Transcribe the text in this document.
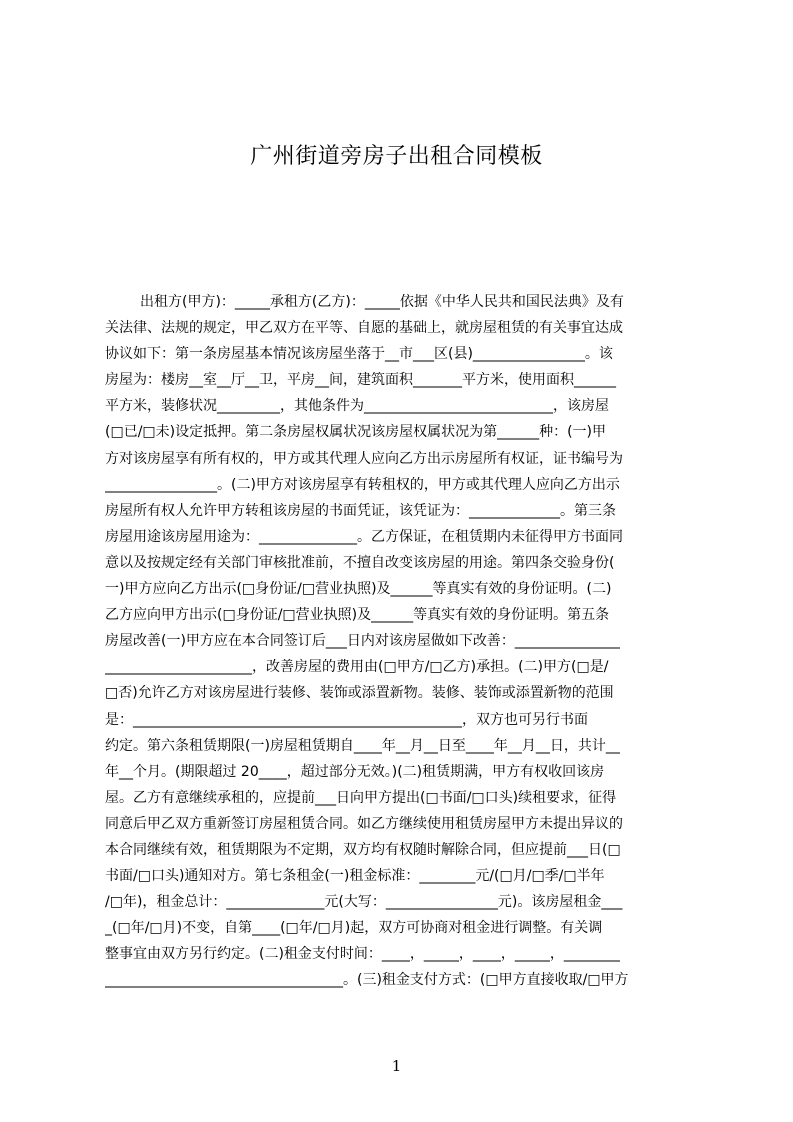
广州街道旁房子出租合同模板
出租方(甲方)：_____承租方(乙方)：_____依据《中华人民共和国民法典》及有
关法律、法规的规定，甲乙双方在平等、自愿的基础上，就房屋租赁的有关事宜达成
协议如下：第一条房屋基本情况该房屋坐落于__市___区(县)________________。该
房屋为：楼房__室__厅__卫，平房__间，建筑面积_______平方米，使用面积______
平方米，装修状况_________，其他条件为___________________________，该房屋
(□已/□未)设定抵押。第二条房屋权属状况该房屋权属状况为第______种：(一)甲
方对该房屋享有所有权的，甲方或其代理人应向乙方出示房屋所有权证，证书编号为
________________。(二)甲方对该房屋享有转租权的，甲方或其代理人应向乙方出示
房屋所有权人允许甲方转租该房屋的书面凭证，该凭证为：_____________。第三条
房屋用途该房屋用途为：______________。乙方保证，在租赁期内未征得甲方书面同
意以及按规定经有关部门审核批准前，不擅自改变该房屋的用途。第四条交验身份(
一)甲方应向乙方出示(□身份证/□营业执照)及______等真实有效的身份证明。(二)
乙方应向甲方出示(□身份证/□营业执照)及______等真实有效的身份证明。第五条
房屋改善(一)甲方应在本合同签订后___日内对该房屋做如下改善：_______________
_____________________，改善房屋的费用由(□甲方/□乙方)承担。(二)甲方(□是/
□否)允许乙方对该房屋进行装修、装饰或添置新物。装修、装饰或添置新物的范围
是：_______________________________________________，双方也可另行书面
约定。第六条租赁期限(一)房屋租赁期自____年__月__日至____年__月__日，共计__
年__个月。(期限超过 20____，超过部分无效。)(二)租赁期满，甲方有权收回该房
屋。乙方有意继续承租的，应提前___日向甲方提出(□书面/□口头)续租要求，征得
同意后甲乙双方重新签订房屋租赁合同。如乙方继续使用租赁房屋甲方未提出异议的
本合同继续有效，租赁期限为不定期，双方均有权随时解除合同，但应提前___日(□
书面/□口头)通知对方。第七条租金(一)租金标准：________元/(□月/□季/□半年
/□年)，租金总计：______________元(大写：________________元)。该房屋租金___
_(□年/□月)不变，自第____(□年/□月)起，双方可协商对租金进行调整。有关调
整事宜由双方另行约定。(二)租金支付时间：____，_____，____，_____，________
__________________________________。(三)租金支付方式：(□甲方直接收取/□甲方
1
